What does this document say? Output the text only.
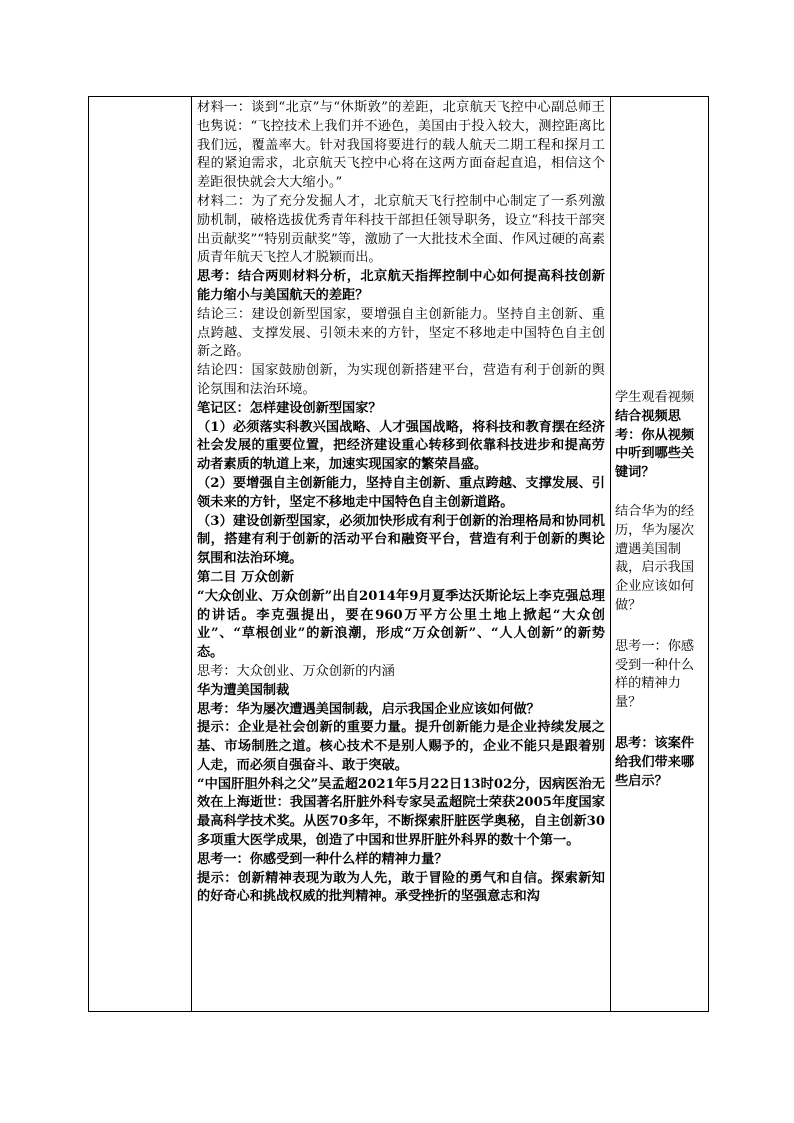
材料一：谈到“北京”与“休斯敦”的差距，北京航天飞控中心副总师王也隽说：“飞控技术上我们并不逊色，美国由于投入较大，测控距离比我们远，覆盖率大。针对我国将要进行的载人航天二期工程和探月工程的紧迫需求，北京航天飞控中心将在这两方面奋起直追，相信这个差距很快就会大大缩小。”

材料二：为了充分发掘人才，北京航天飞行控制中心制定了一系列激励机制，破格选拔优秀青年科技干部担任领导职务，设立“科技干部突出贡献奖”“特别贡献奖”等，激励了一大批技术全面、作风过硬的高素质青年航天飞控人才脱颖而出。

思考：结合两则材料分析，北京航天指挥控制中心如何提高科技创新能力缩小与美国航天的差距？

结论三：建设创新型国家，要增强自主创新能力。坚持自主创新、重点跨越、支撑发展、引领未来的方针，坚定不移地走中国特色自主创新之路。

结论四：国家鼓励创新，为实现创新搭建平台，营造有利于创新的舆论氛围和法治环境。

笔记区：怎样建设创新型国家？

（1）必须落实科教兴国战略、人才强国战略，将科技和教育摆在经济社会发展的重要位置，把经济建设重心转移到依靠科技进步和提高劳动者素质的轨道上来，加速实现国家的繁荣昌盛。

（2）要增强自主创新能力，坚持自主创新、重点跨越、支撑发展、引领未来的方针，坚定不移地走中国特色自主创新道路。

（3）建设创新型国家，必须加快形成有利于创新的治理格局和协同机制，搭建有利于创新的活动平台和融资平台，营造有利于创新的舆论氛围和法治环境。

第二目 万众创新

“大众创业、万众创新”出自2014年9月夏季达沃斯论坛上李克强总理的讲话。李克强提出，要在960万平方公里土地上掀起“大众创业”、“草根创业”的新浪潮，形成“万众创新”、“人人创新”的新势态。

思考：大众创业、万众创新的内涵

华为遭美国制裁

思考：华为屡次遭遇美国制裁，启示我国企业应该如何做？

提示：企业是社会创新的重要力量。提升创新能力是企业持续发展之基、市场制胜之道。核心技术不是别人赐予的，企业不能只是跟着别人走，而必须自强奋斗、敢于突破。

“中国肝胆外科之父”吴孟超2021年5月22日13时02分，因病医治无效在上海逝世：我国著名肝脏外科专家吴孟超院士荣获2005年度国家最高科学技术奖。从医70多年，不断探索肝脏医学奥秘，自主创新30多项重大医学成果，创造了中国和世界肝脏外科界的数十个第一。

思考一：你感受到一种什么样的精神力量？

提示：创新精神表现为敢为人先，敢于冒险的勇气和自信。探索新知的好奇心和挑战权威的批判精神。承受挫折的坚强意志和沟

学生观看视频

结合视频思考：你从视频中听到哪些关键词？

结合华为的经历，华为屡次遭遇美国制裁，启示我国企业应该如何做？

思考一：你感受到一种什么样的精神力量？

思考：该案件给我们带来哪些启示？
